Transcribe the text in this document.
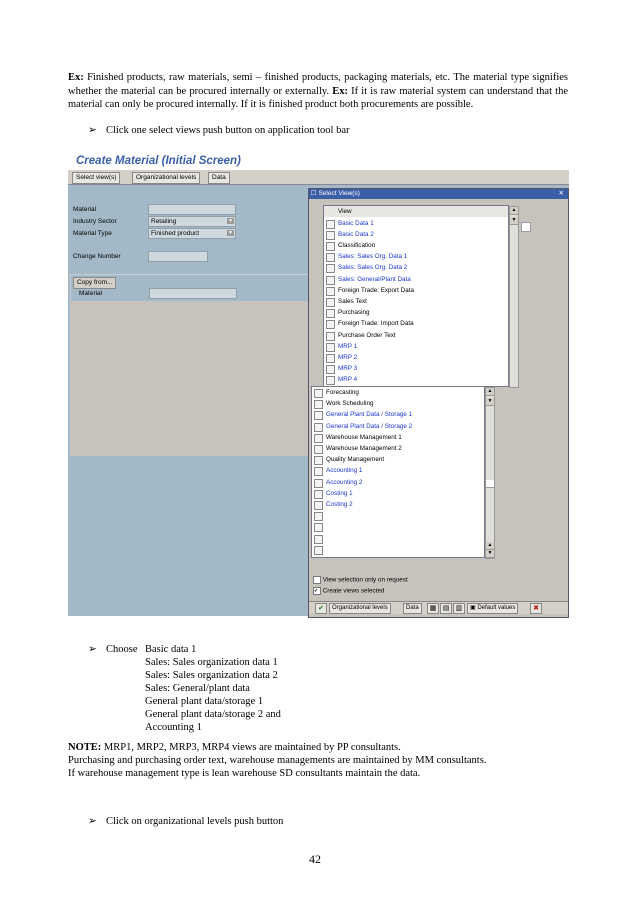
Ex: Finished products, raw materials, semi – finished products, packaging materials, etc. The material type signifies whether the material can be procured internally or externally. Ex: If it is raw material system can understand that the material can only be procured internally. If it is finished product both procurements are possible.
➢ Click one select views push button on application tool bar
Create Material (Initial Screen)
Select view(s)	Organizational levels	Data
Material
Industry Sector	Retailing	▼
Material Type	Finished product	▼
Change Number
Copy from...
Material
☐ Select View(s)	✕
View
Basic Data 1
Basic Data 2
Classification
Sales: Sales Org. Data 1
Sales: Sales Org. Data 2
Sales: General/Plant Data
Foreign Trade: Export Data
Sales Text
Purchasing
Foreign Trade: Import Data
Purchase Order Text
MRP 1
MRP 2
MRP 3
MRP 4
▲
▼
Forecasting
Work Scheduling
General Plant Data / Storage 1
General Plant Data / Storage 2
Warehouse Management 1
Warehouse Management 2
Quality Management
Accounting 1
Accounting 2
Costing 1
Costing 2
▲
▼
▲
▼
View selection only on request
✔ Create views selected
✔	Organizational levels	Data	▦ ▤ ▥	▣ Default values	✖
➢ Choose Basic data 1
Sales: Sales organization data 1
Sales: Sales organization data 2
Sales: General/plant data
General plant data/storage 1
General plant data/storage 2 and
Accounting 1
NOTE: MRP1, MRP2, MRP3, MRP4 views are maintained by PP consultants.
Purchasing and purchasing order text, warehouse managements are maintained by MM consultants.
If warehouse management type is lean warehouse SD consultants maintain the data.
➢ Click on organizational levels push button
42
